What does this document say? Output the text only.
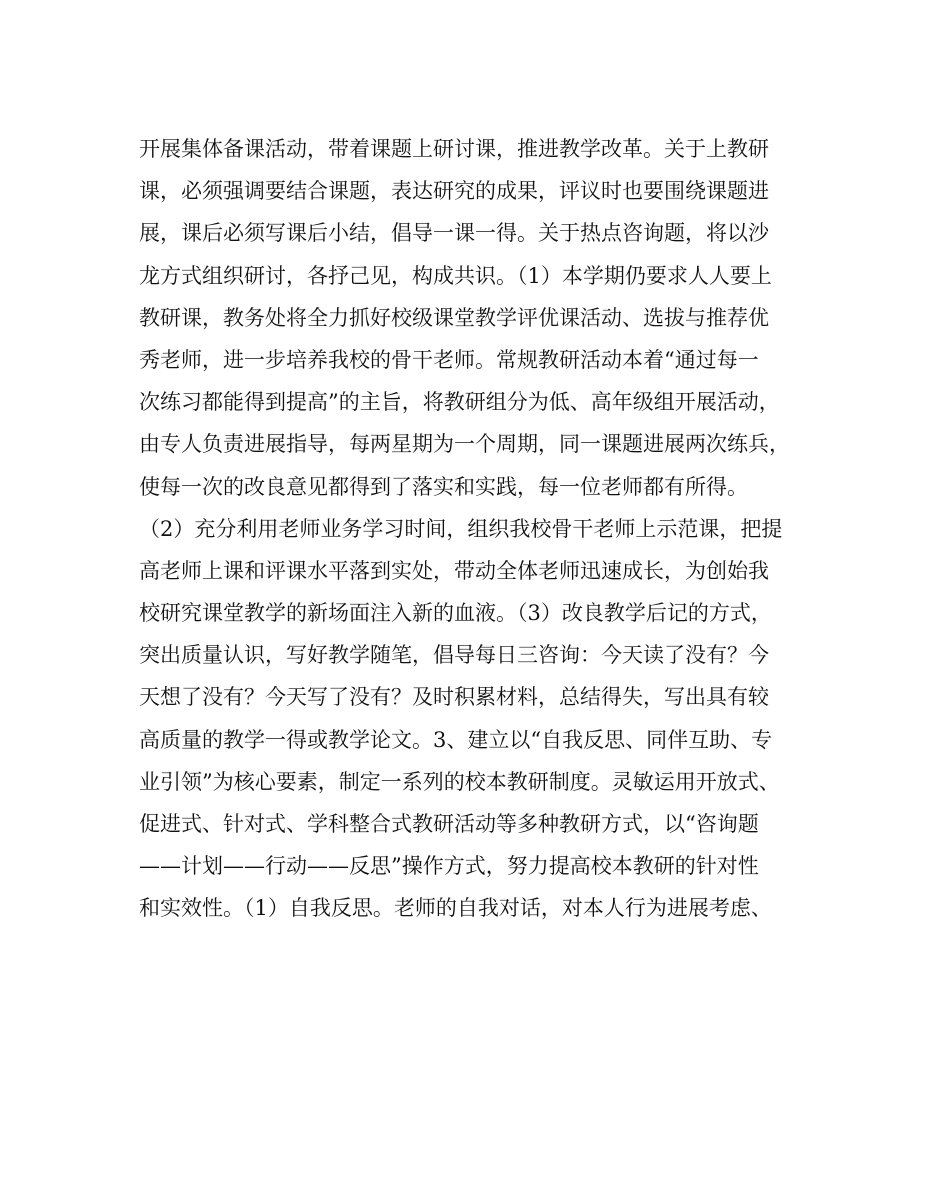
开展集体备课活动，带着课题上研讨课，推进教学改革。关于上教研
课，必须强调要结合课题，表达研究的成果，评议时也要围绕课题进
展，课后必须写课后小结，倡导一课一得。关于热点咨询题，将以沙
龙方式组织研讨，各抒己见，构成共识。（1）本学期仍要求人人要上
教研课，教务处将全力抓好校级课堂教学评优课活动、选拔与推荐优
秀老师，进一步培养我校的骨干老师。常规教研活动本着“通过每一
次练习都能得到提高”的主旨，将教研组分为低、高年级组开展活动，
由专人负责进展指导，每两星期为一个周期，同一课题进展两次练兵，
使每一次的改良意见都得到了落实和实践，每一位老师都有所得。
（2）充分利用老师业务学习时间，组织我校骨干老师上示范课，把提
高老师上课和评课水平落到实处，带动全体老师迅速成长，为创始我
校研究课堂教学的新场面注入新的血液。（3）改良教学后记的方式，
突出质量认识，写好教学随笔，倡导每日三咨询：今天读了没有？今
天想了没有？今天写了没有？及时积累材料，总结得失，写出具有较
高质量的教学一得或教学论文。3、建立以“自我反思、同伴互助、专
业引领”为核心要素，制定一系列的校本教研制度。灵敏运用开放式、
促进式、针对式、学科整合式教研活动等多种教研方式，以“咨询题
——计划——行动——反思”操作方式，努力提高校本教研的针对性
和实效性。（1）自我反思。老师的自我对话，对本人行为进展考虑、
